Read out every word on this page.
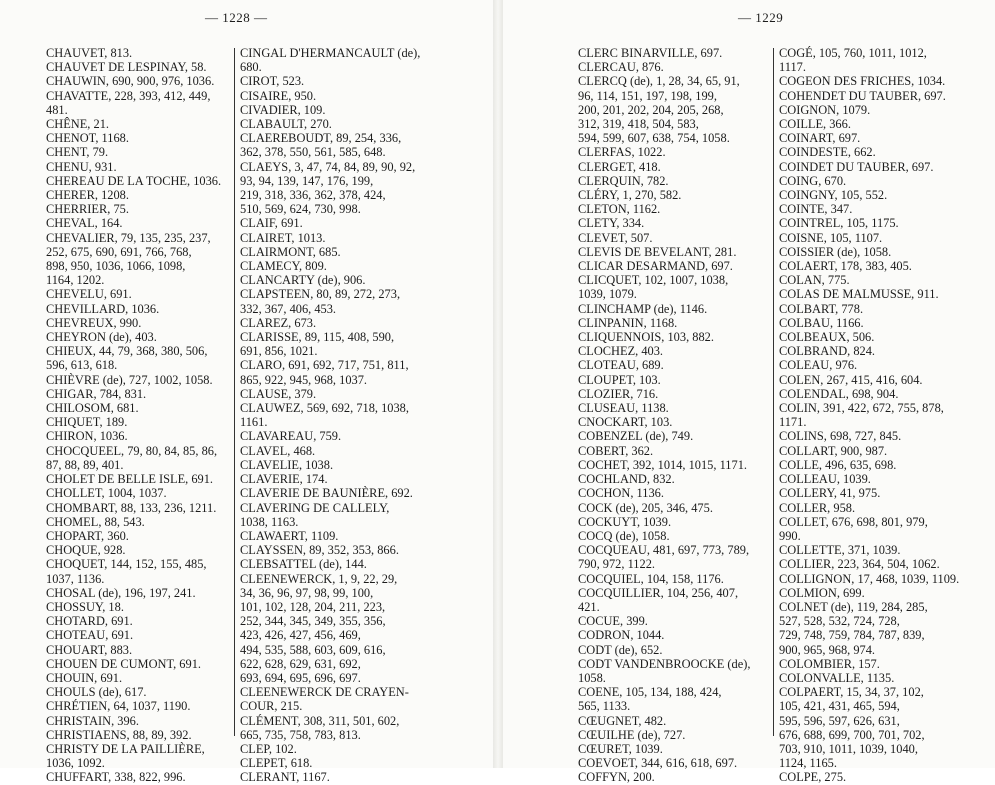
— 1228 —
CHAUVET, 813.
CHAUVET DE LESPINAY, 58.
CHAUWIN, 690, 900, 976, 1036.
CHAVATTE, 228, 393, 412, 449,
481.
CHÊNE, 21.
CHENOT, 1168.
CHENT, 79.
CHENU, 931.
CHEREAU DE LA TOCHE, 1036.
CHERER, 1208.
CHERRIER, 75.
CHEVAL, 164.
CHEVALIER, 79, 135, 235, 237,
252, 675, 690, 691, 766, 768,
898, 950, 1036, 1066, 1098,
1164, 1202.
CHEVELU, 691.
CHEVILLARD, 1036.
CHEVREUX, 990.
CHEYRON (de), 403.
CHIEUX, 44, 79, 368, 380, 506,
596, 613, 618.
CHIÈVRE (de), 727, 1002, 1058.
CHIGAR, 784, 831.
CHILOSOM, 681.
CHIQUET, 189.
CHIRON, 1036.
CHOCQUEEL, 79, 80, 84, 85, 86,
87, 88, 89, 401.
CHOLET DE BELLE ISLE, 691.
CHOLLET, 1004, 1037.
CHOMBART, 88, 133, 236, 1211.
CHOMEL, 88, 543.
CHOPART, 360.
CHOQUE, 928.
CHOQUET, 144, 152, 155, 485,
1037, 1136.
CHOSAL (de), 196, 197, 241.
CHOSSUY, 18.
CHOTARD, 691.
CHOTEAU, 691.
CHOUART, 883.
CHOUEN DE CUMONT, 691.
CHOUIN, 691.
CHOULS (de), 617.
CHRÉTIEN, 64, 1037, 1190.
CHRISTAIN, 396.
CHRISTIAENS, 88, 89, 392.
CHRISTY DE LA PAILLIÈRE,
1036, 1092.
CHUFFART, 338, 822, 996.
CINGAL D'HERMANCAULT (de),
680.
CIROT, 523.
CISAIRE, 950.
CIVADIER, 109.
CLABAULT, 270.
CLAEREBOUDT, 89, 254, 336,
362, 378, 550, 561, 585, 648.
CLAEYS, 3, 47, 74, 84, 89, 90, 92,
93, 94, 139, 147, 176, 199,
219, 318, 336, 362, 378, 424,
510, 569, 624, 730, 998.
CLAIF, 691.
CLAIRET, 1013.
CLAIRMONT, 685.
CLAMECY, 809.
CLANCARTY (de), 906.
CLAPSTEEN, 80, 89, 272, 273,
332, 367, 406, 453.
CLAREZ, 673.
CLARISSE, 89, 115, 408, 590,
691, 856, 1021.
CLARO, 691, 692, 717, 751, 811,
865, 922, 945, 968, 1037.
CLAUSE, 379.
CLAUWEZ, 569, 692, 718, 1038,
1161.
CLAVAREAU, 759.
CLAVEL, 468.
CLAVELIE, 1038.
CLAVERIE, 174.
CLAVERIE DE BAUNIÈRE, 692.
CLAVERING DE CALLELY,
1038, 1163.
CLAWAERT, 1109.
CLAYSSEN, 89, 352, 353, 866.
CLEBSATTEL (de), 144.
CLEENEWERCK, 1, 9, 22, 29,
34, 36, 96, 97, 98, 99, 100,
101, 102, 128, 204, 211, 223,
252, 344, 345, 349, 355, 356,
423, 426, 427, 456, 469,
494, 535, 588, 603, 609, 616,
622, 628, 629, 631, 692,
693, 694, 695, 696, 697.
CLEENEWERCK DE CRAYEN-
COUR, 215.
CLÉMENT, 308, 311, 501, 602,
665, 735, 758, 783, 813.
CLEP, 102.
CLEPET, 618.
CLERANT, 1167.
— 1229
CLERC BINARVILLE, 697.
CLERCAU, 876.
CLERCQ (de), 1, 28, 34, 65, 91,
96, 114, 151, 197, 198, 199,
200, 201, 202, 204, 205, 268,
312, 319, 418, 504, 583,
594, 599, 607, 638, 754, 1058.
CLERFAS, 1022.
CLERGET, 418.
CLERQUIN, 782.
CLÉRY, 1, 270, 582.
CLETON, 1162.
CLETY, 334.
CLEVET, 507.
CLEVIS DE BEVELANT, 281.
CLICAR DESARMAND, 697.
CLICQUET, 102, 1007, 1038,
1039, 1079.
CLINCHAMP (de), 1146.
CLINPANIN, 1168.
CLIQUENNOIS, 103, 882.
CLOCHEZ, 403.
CLOTEAU, 689.
CLOUPET, 103.
CLOZIER, 716.
CLUSEAU, 1138.
CNOCKART, 103.
COBENZEL (de), 749.
COBERT, 362.
COCHET, 392, 1014, 1015, 1171.
COCHLAND, 832.
COCHON, 1136.
COCK (de), 205, 346, 475.
COCKUYT, 1039.
COCQ (de), 1058.
COCQUEAU, 481, 697, 773, 789,
790, 972, 1122.
COCQUIEL, 104, 158, 1176.
COCQUILLIER, 104, 256, 407,
421.
COCUE, 399.
CODRON, 1044.
CODT (de), 652.
CODT VANDENBROOCKE (de),
1058.
COENE, 105, 134, 188, 424,
565, 1133.
CŒUGNET, 482.
CŒUILHE (de), 727.
CŒURET, 1039.
COEVOET, 344, 616, 618, 697.
COFFYN, 200.
COGÉ, 105, 760, 1011, 1012,
1117.
COGEON DES FRICHES, 1034.
COHENDET DU TAUBER, 697.
COIGNON, 1079.
COILLE, 366.
COINART, 697.
COINDESTE, 662.
COINDET DU TAUBER, 697.
COING, 670.
COINGNY, 105, 552.
COINTE, 347.
COINTREL, 105, 1175.
COISNE, 105, 1107.
COISSIER (de), 1058.
COLAERT, 178, 383, 405.
COLAN, 775.
COLAS DE MALMUSSE, 911.
COLBART, 778.
COLBAU, 1166.
COLBEAUX, 506.
COLBRAND, 824.
COLEAU, 976.
COLEN, 267, 415, 416, 604.
COLENDAL, 698, 904.
COLIN, 391, 422, 672, 755, 878,
1171.
COLINS, 698, 727, 845.
COLLART, 900, 987.
COLLE, 496, 635, 698.
COLLEAU, 1039.
COLLERY, 41, 975.
COLLER, 958.
COLLET, 676, 698, 801, 979,
990.
COLLETTE, 371, 1039.
COLLIER, 223, 364, 504, 1062.
COLLIGNON, 17, 468, 1039, 1109.
COLMION, 699.
COLNET (de), 119, 284, 285,
527, 528, 532, 724, 728,
729, 748, 759, 784, 787, 839,
900, 965, 968, 974.
COLOMBIER, 157.
COLONVALLE, 1135.
COLPAERT, 15, 34, 37, 102,
105, 421, 431, 465, 594,
595, 596, 597, 626, 631,
676, 688, 699, 700, 701, 702,
703, 910, 1011, 1039, 1040,
1124, 1165.
COLPE, 275.
